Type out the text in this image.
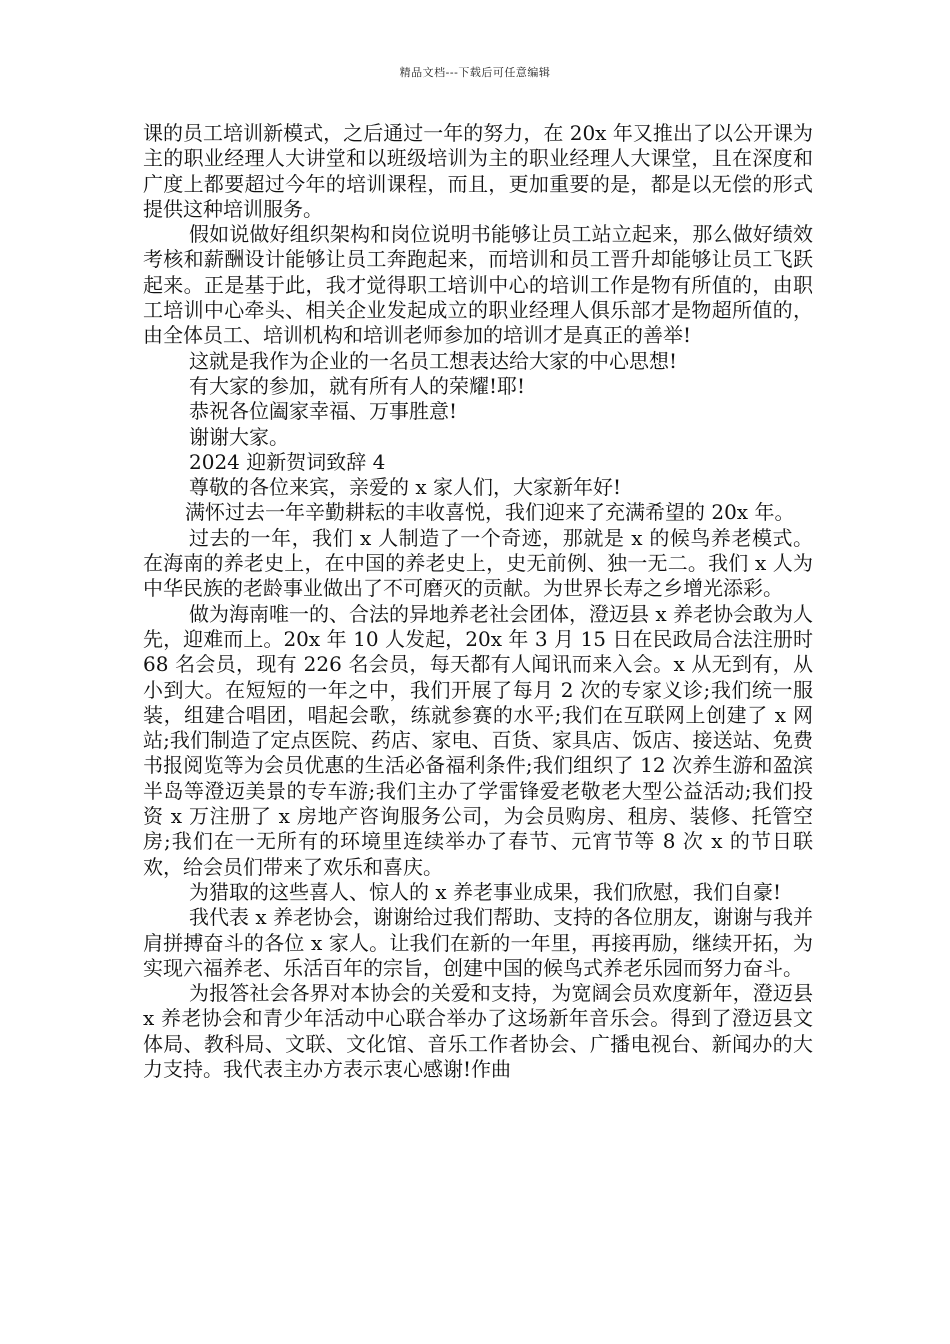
精品文档---下载后可任意编辑

课的员工培训新模式，之后通过一年的努力，在 20x 年又推出了以公开课为主的职业经理人大讲堂和以班级培训为主的职业经理人大课堂，且在深度和广度上都要超过今年的培训课程，而且，更加重要的是，都是以无偿的形式提供这种培训服务。

假如说做好组织架构和岗位说明书能够让员工站立起来，那么做好绩效考核和薪酬设计能够让员工奔跑起来，而培训和员工晋升却能够让员工飞跃起来。正是基于此，我才觉得职工培训中心的培训工作是物有所值的，由职工培训中心牵头、相关企业发起成立的职业经理人俱乐部才是物超所值的，由全体员工、培训机构和培训老师参加的培训才是真正的善举!

这就是我作为企业的一名员工想表达给大家的中心思想!

有大家的参加，就有所有人的荣耀!耶!

恭祝各位阖家幸福、万事胜意!

谢谢大家。

2024 迎新贺词致辞 4

尊敬的各位来宾，亲爱的 x 家人们，大家新年好!

满怀过去一年辛勤耕耘的丰收喜悦，我们迎来了充满希望的 20x 年。

过去的一年，我们 x 人制造了一个奇迹，那就是 x 的候鸟养老模式。在海南的养老史上，在中国的养老史上，史无前例、独一无二。我们 x 人为中华民族的老龄事业做出了不可磨灭的贡献。为世界长寿之乡增光添彩。

做为海南唯一的、合法的异地养老社会团体，澄迈县 x 养老协会敢为人先，迎难而上。20x 年 10 人发起，20x 年 3 月 15 日在民政局合法注册时 68 名会员，现有 226 名会员，每天都有人闻讯而来入会。x 从无到有，从小到大。在短短的一年之中，我们开展了每月 2 次的专家义诊;我们统一服装，组建合唱团，唱起会歌，练就参赛的水平;我们在互联网上创建了 x 网站;我们制造了定点医院、药店、家电、百货、家具店、饭店、接送站、免费书报阅览等为会员优惠的生活必备福利条件;我们组织了 12 次养生游和盈滨半岛等澄迈美景的专车游;我们主办了学雷锋爱老敬老大型公益活动;我们投资 x 万注册了 x 房地产咨询服务公司，为会员购房、租房、装修、托管空房;我们在一无所有的环境里连续举办了春节、元宵节等 8 次 x 的节日联欢，给会员们带来了欢乐和喜庆。

为猎取的这些喜人、惊人的 x 养老事业成果，我们欣慰，我们自豪!

我代表 x 养老协会，谢谢给过我们帮助、支持的各位朋友，谢谢与我并肩拼搏奋斗的各位 x 家人。让我们在新的一年里，再接再励，继续开拓，为实现六福养老、乐活百年的宗旨，创建中国的候鸟式养老乐园而努力奋斗。

为报答社会各界对本协会的关爱和支持，为宽阔会员欢度新年，澄迈县 x 养老协会和青少年活动中心联合举办了这场新年音乐会。得到了澄迈县文体局、教科局、文联、文化馆、音乐工作者协会、广播电视台、新闻办的大力支持。我代表主办方表示衷心感谢!作曲
